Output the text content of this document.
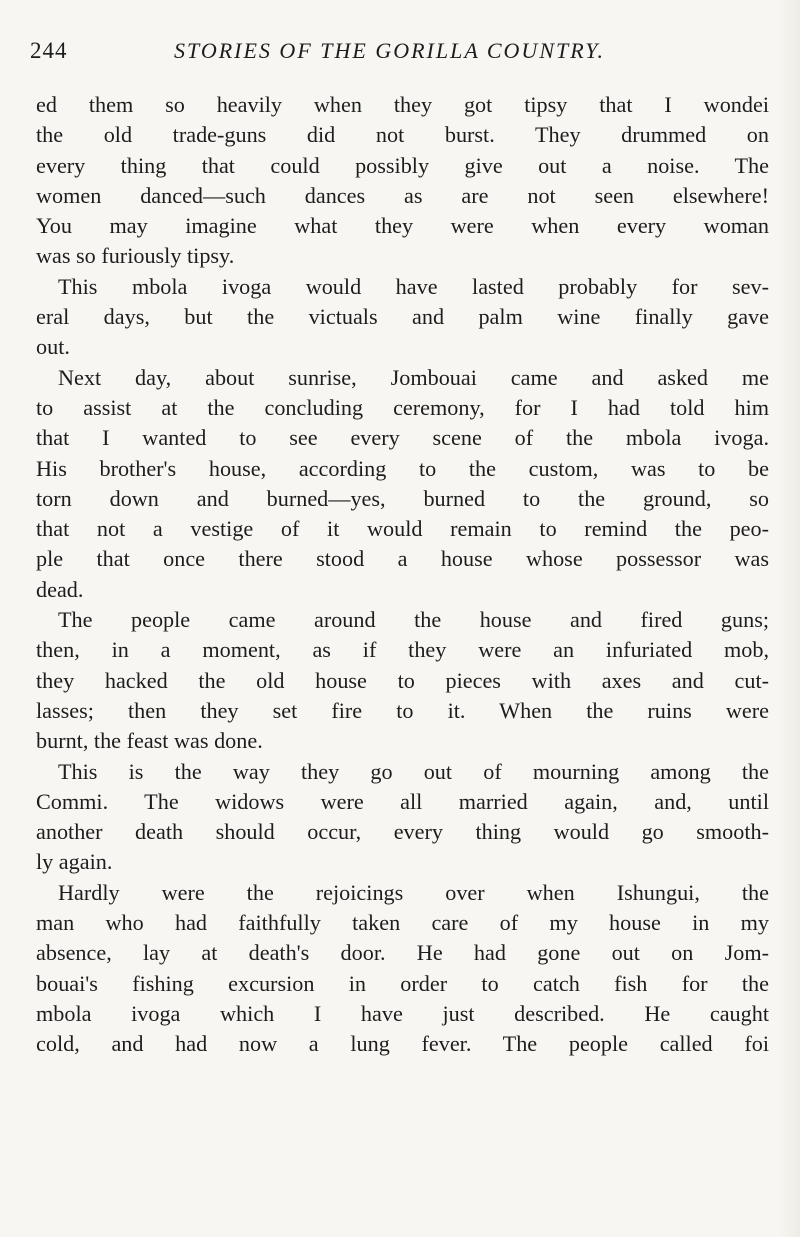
244	STORIES OF THE GORILLA COUNTRY.
ed them so heavily when they got tipsy that I wondei
the old trade-guns did not burst. They drummed on
every thing that could possibly give out a noise. The
women danced—such dances as are not seen elsewhere!
You may imagine what they were when every woman
was so furiously tipsy.
This mbola ivoga would have lasted probably for sev-
eral days, but the victuals and palm wine finally gave
out.
Next day, about sunrise, Jombouai came and asked me
to assist at the concluding ceremony, for I had told him
that I wanted to see every scene of the mbola ivoga.
His brother's house, according to the custom, was to be
torn down and burned—yes, burned to the ground, so
that not a vestige of it would remain to remind the peo-
ple that once there stood a house whose possessor was
dead.
The people came around the house and fired guns;
then, in a moment, as if they were an infuriated mob,
they hacked the old house to pieces with axes and cut-
lasses; then they set fire to it. When the ruins were
burnt, the feast was done.
This is the way they go out of mourning among the
Commi. The widows were all married again, and, until
another death should occur, every thing would go smooth-
ly again.
Hardly were the rejoicings over when Ishungui, the
man who had faithfully taken care of my house in my
absence, lay at death's door. He had gone out on Jom-
bouai's fishing excursion in order to catch fish for the
mbola ivoga which I have just described. He caught
cold, and had now a lung fever. The people called foi
